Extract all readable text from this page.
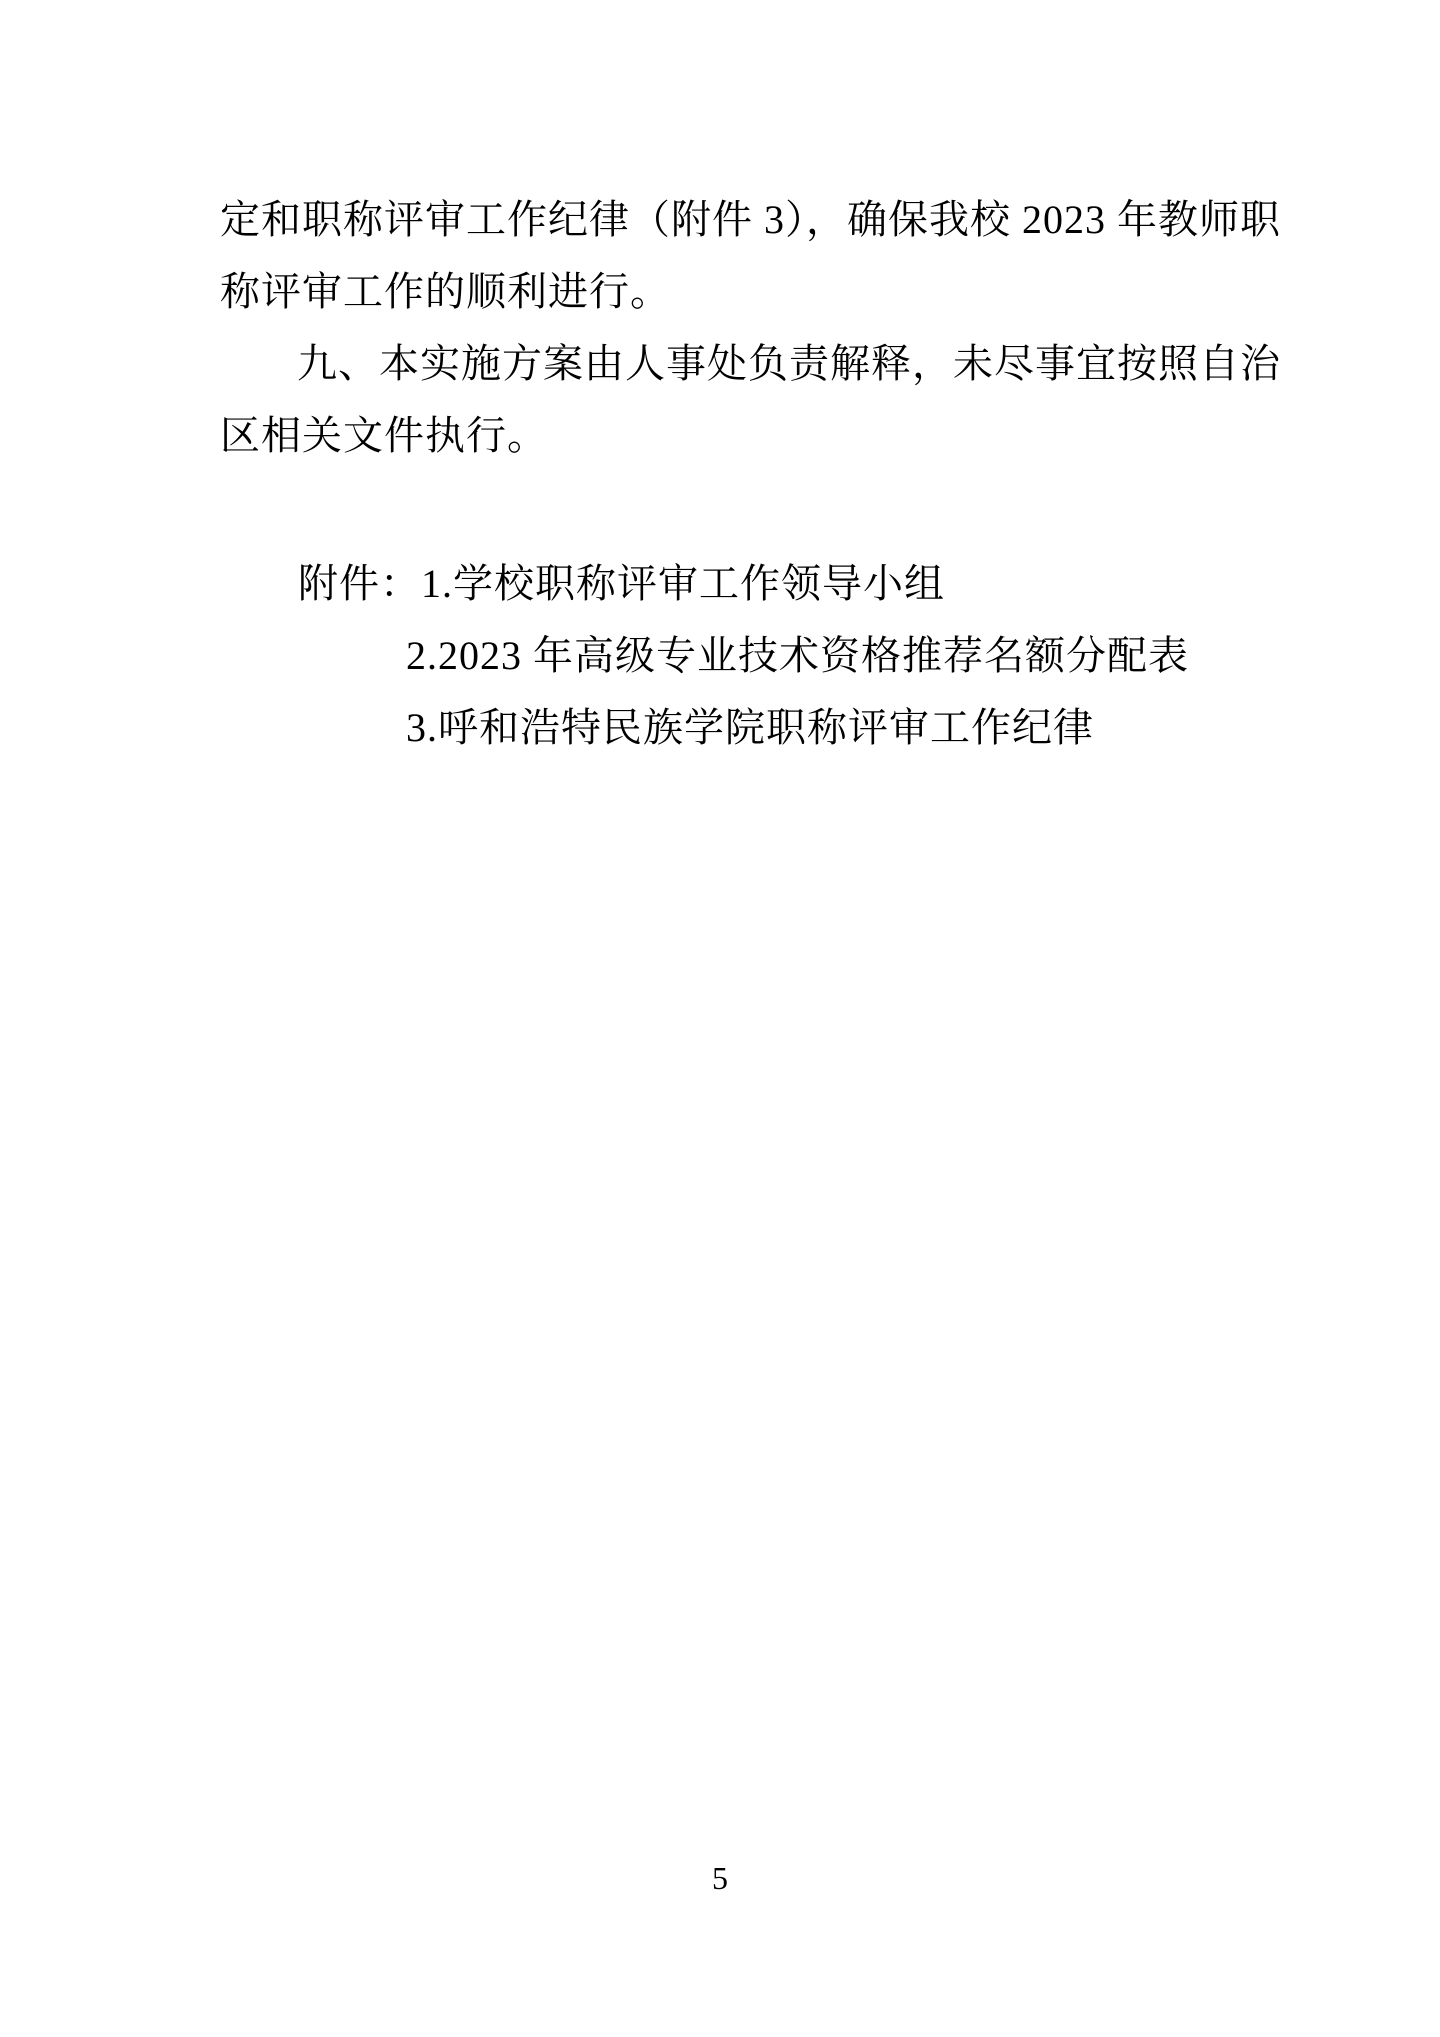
定和职称评审工作纪律（附件 3），确保我校 2023 年教师职
称评审工作的顺利进行。
九、本实施方案由人事处负责解释，未尽事宜按照自治
区相关文件执行。
附件：1.学校职称评审工作领导小组
2.2023 年高级专业技术资格推荐名额分配表
3.呼和浩特民族学院职称评审工作纪律
5
